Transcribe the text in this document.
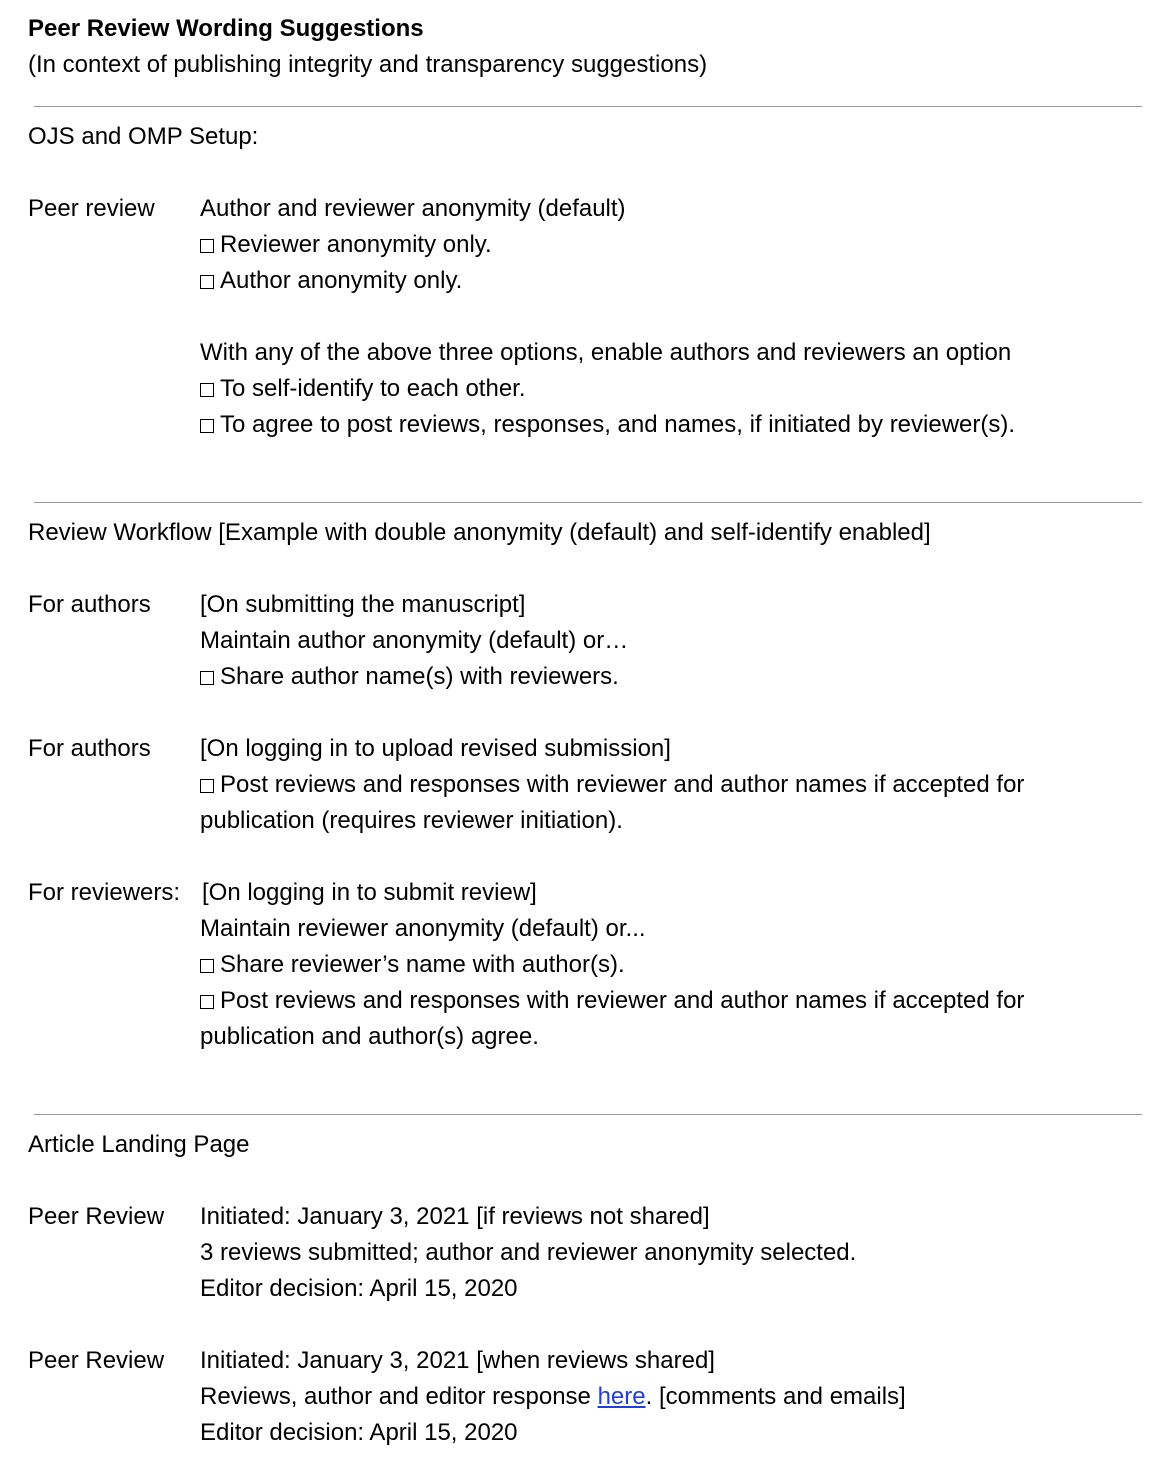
Peer Review Wording Suggestions
(In context of publishing integrity and transparency suggestions)
OJS and OMP Setup:
Peer review Author and reviewer anonymity (default)
Reviewer anonymity only.
Author anonymity only.
With any of the above three options, enable authors and reviewers an option
To self-identify to each other.
To agree to post reviews, responses, and names, if initiated by reviewer(s).
Review Workflow [Example with double anonymity (default) and self-identify enabled]
For authors [On submitting the manuscript]
Maintain author anonymity (default) or…
Share author name(s) with reviewers.
For authors [On logging in to upload revised submission]
Post reviews and responses with reviewer and author names if accepted for
publication (requires reviewer initiation).
For reviewers: [On logging in to submit review]
Maintain reviewer anonymity (default) or...
Share reviewer’s name with author(s).
Post reviews and responses with reviewer and author names if accepted for
publication and author(s) agree.
Article Landing Page
Peer Review Initiated: January 3, 2021 [if reviews not shared]
3 reviews submitted; author and reviewer anonymity selected.
Editor decision: April 15, 2020
Peer Review Initiated: January 3, 2021 [when reviews shared]
Reviews, author and editor response here. [comments and emails]
Editor decision: April 15, 2020
